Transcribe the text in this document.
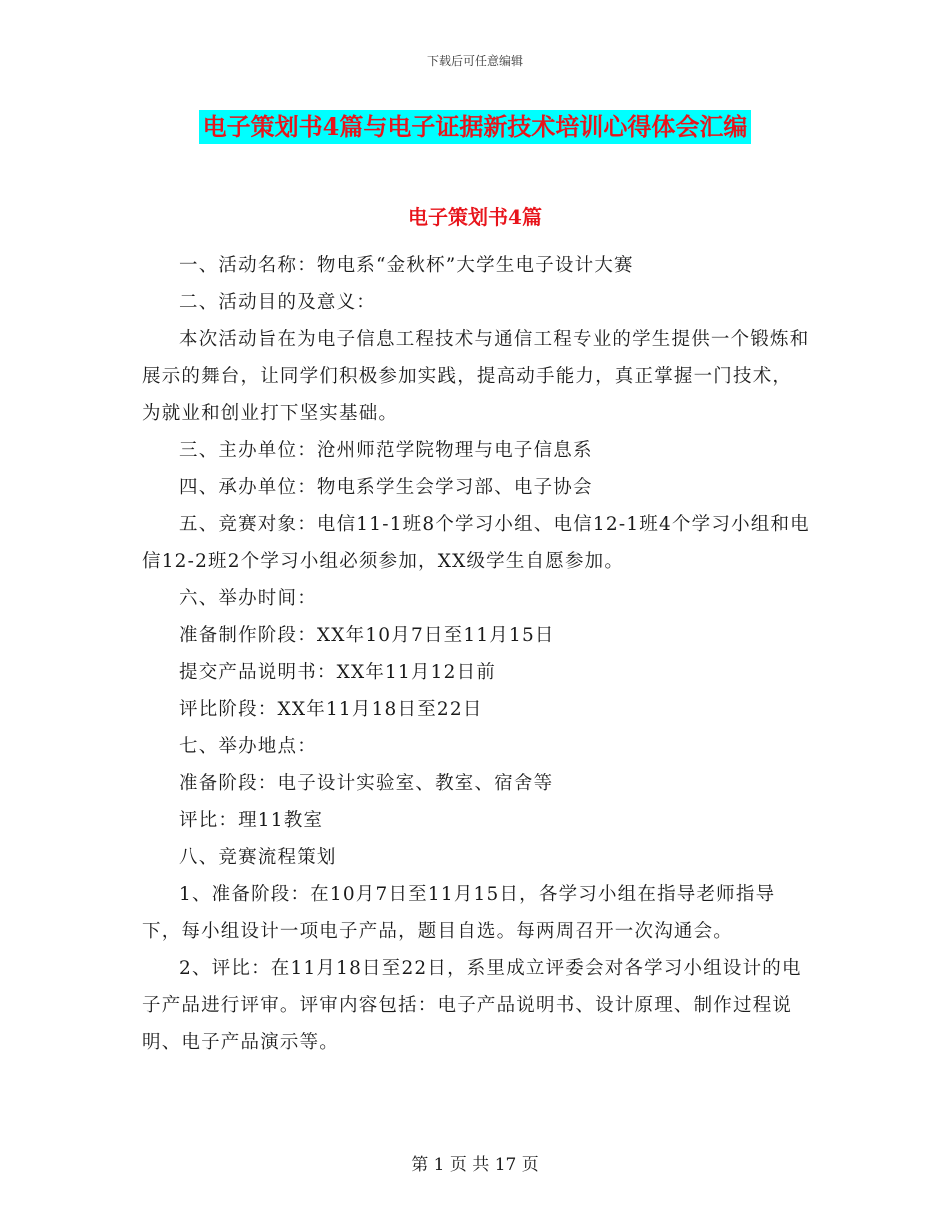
下载后可任意编辑
电子策划书4篇与电子证据新技术培训心得体会汇编
电子策划书4篇

一、活动名称：物电系“金秋杯”大学生电子设计大赛

二、活动目的及意义：

本次活动旨在为电子信息工程技术与通信工程专业的学生提供一个锻炼和展示的舞台，让同学们积极参加实践，提高动手能力，真正掌握一门技术，为就业和创业打下坚实基础。

三、主办单位：沧州师范学院物理与电子信息系

四、承办单位：物电系学生会学习部、电子协会

五、竞赛对象：电信11-1班8个学习小组、电信12-1班4个学习小组和电信12-2班2个学习小组必须参加，XX级学生自愿参加。

六、举办时间：

准备制作阶段：XX年10月7日至11月15日

提交产品说明书：XX年11月12日前

评比阶段：XX年11月18日至22日

七、举办地点：

准备阶段：电子设计实验室、教室、宿舍等

评比：理11教室

八、竞赛流程策划

1、准备阶段：在10月7日至11月15日，各学习小组在指导老师指导下，每小组设计一项电子产品，题目自选。每两周召开一次沟通会。

2、评比：在11月18日至22日，系里成立评委会对各学习小组设计的电子产品进行评审。评审内容包括：电子产品说明书、设计原理、制作过程说明、电子产品演示等。

第 1 页 共 17 页
